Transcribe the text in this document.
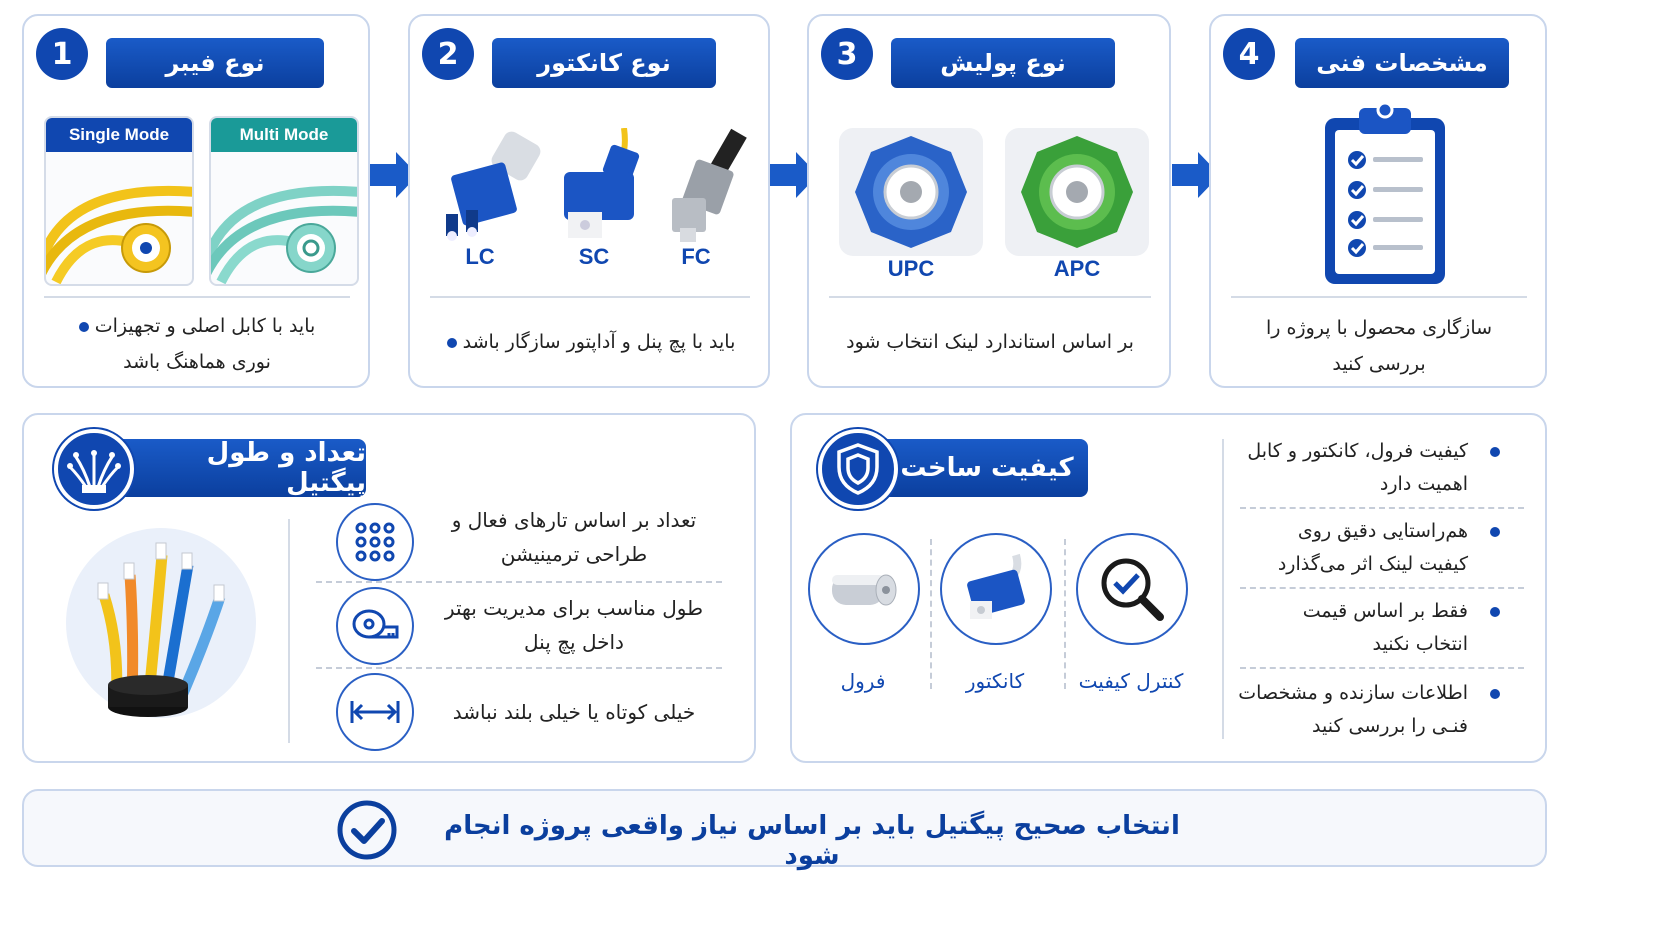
1	نوع فیبر
Single Mode	Multi Mode
باید با کابل اصلی و تجهیزات
نوری هماهنگ باشد
2	نوع کانکتور
LC	SC	FC
باید با پچ پنل و آداپتور سازگار باشد
3	نوع پولیش
UPC	APC
بر اساس استاندارد لینک انتخاب شود
4	مشخصات فنی
سازگاری محصول با پروژه را
بررسی کنید
تعداد و طول پیگتیل
تعداد بر اساس تارهای فعال و
طراحی ترمینیشن
طول مناسب برای مدیریت بهتر
داخل پچ پنل
خیلی کوتاه یا خیلی بلند نباشد
کیفیت ساخت
فرول	کانکتور	کنترل کیفیت
کیفیت فرول، کانکتور و کابل
اهمیت دارد
هم‌راستایی دقیق روی
کیفیت لینک اثر می‌گذارد
فقط بر اساس قیمت
انتخاب نکنید
اطلاعات سازنده و مشخصات
فنـی را بررسی کنید
انتخاب صحیح پیگتیل باید بر اساس نیاز واقعی پروژه انجام شود
